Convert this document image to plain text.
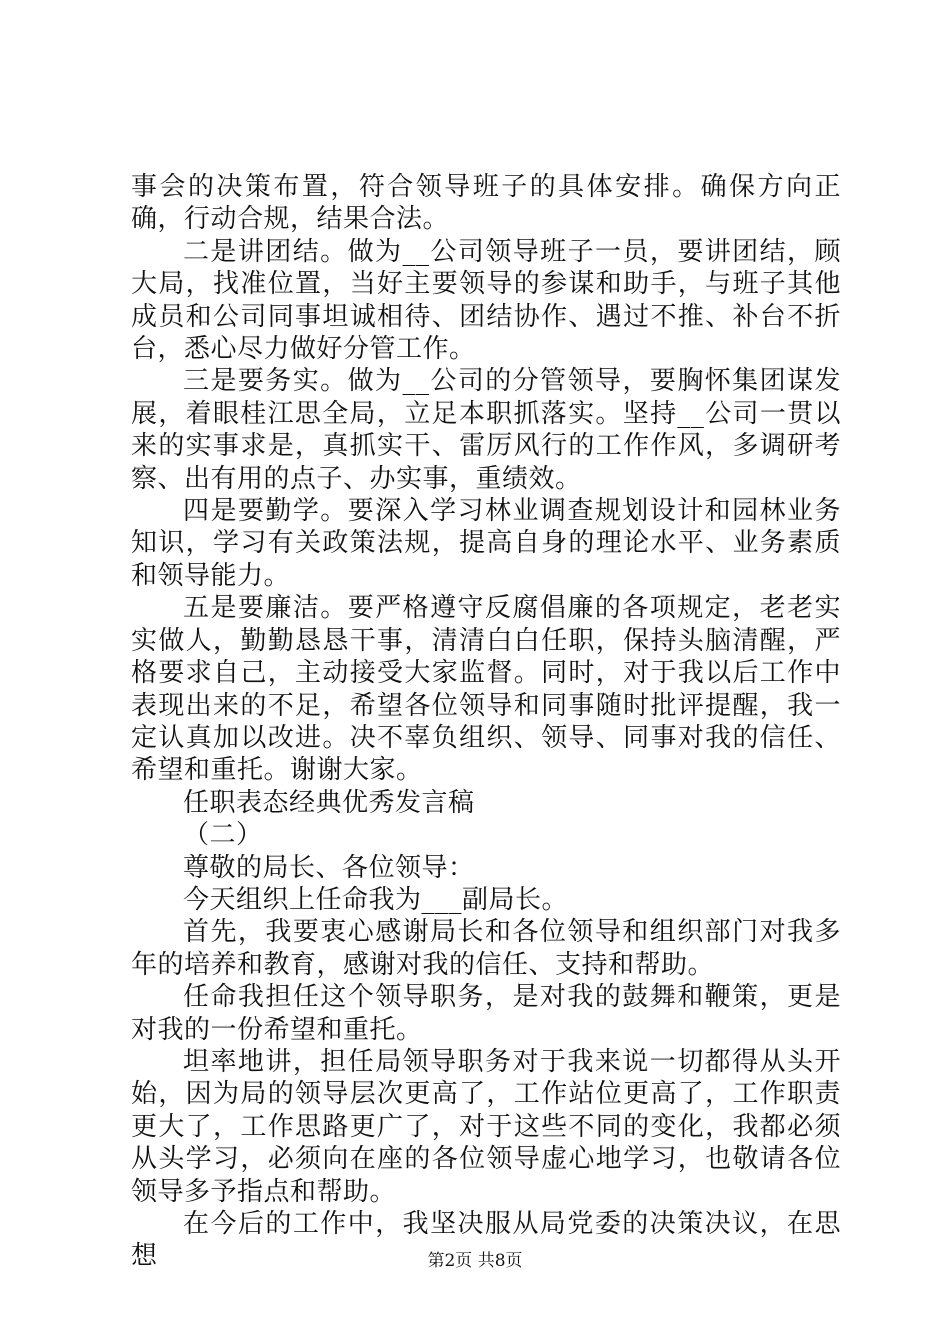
事会的决策布置，符合领导班子的具体安排。确保方向正确，行动合规，结果合法。

二是讲团结。做为__公司领导班子一员，要讲团结，顾大局，找准位置，当好主要领导的参谋和助手，与班子其他成员和公司同事坦诚相待、团结协作、遇过不推、补台不折台，悉心尽力做好分管工作。

三是要务实。做为__公司的分管领导，要胸怀集团谋发展，着眼桂江思全局，立足本职抓落实。坚持__公司一贯以来的实事求是，真抓实干、雷厉风行的工作作风，多调研考察、出有用的点子、办实事，重绩效。

四是要勤学。要深入学习林业调查规划设计和园林业务知识，学习有关政策法规，提高自身的理论水平、业务素质和领导能力。

五是要廉洁。要严格遵守反腐倡廉的各项规定，老老实实做人，勤勤恳恳干事，清清白白任职，保持头脑清醒，严格要求自己，主动接受大家监督。同时，对于我以后工作中表现出来的不足，希望各位领导和同事随时批评提醒，我一定认真加以改进。决不辜负组织、领导、同事对我的信任、希望和重托。谢谢大家。

任职表态经典优秀发言稿

（二）

尊敬的局长、各位领导：

今天组织上任命我为___副局长。

首先，我要衷心感谢局长和各位领导和组织部门对我多年的培养和教育，感谢对我的信任、支持和帮助。

任命我担任这个领导职务，是对我的鼓舞和鞭策，更是对我的一份希望和重托。

坦率地讲，担任局领导职务对于我来说一切都得从头开始，因为局的领导层次更高了，工作站位更高了，工作职责更大了，工作思路更广了，对于这些不同的变化，我都必须从头学习，必须向在座的各位领导虚心地学习，也敬请各位领导多予指点和帮助。

在今后的工作中，我坚决服从局党委的决策决议，在思想	第2页 共8页
